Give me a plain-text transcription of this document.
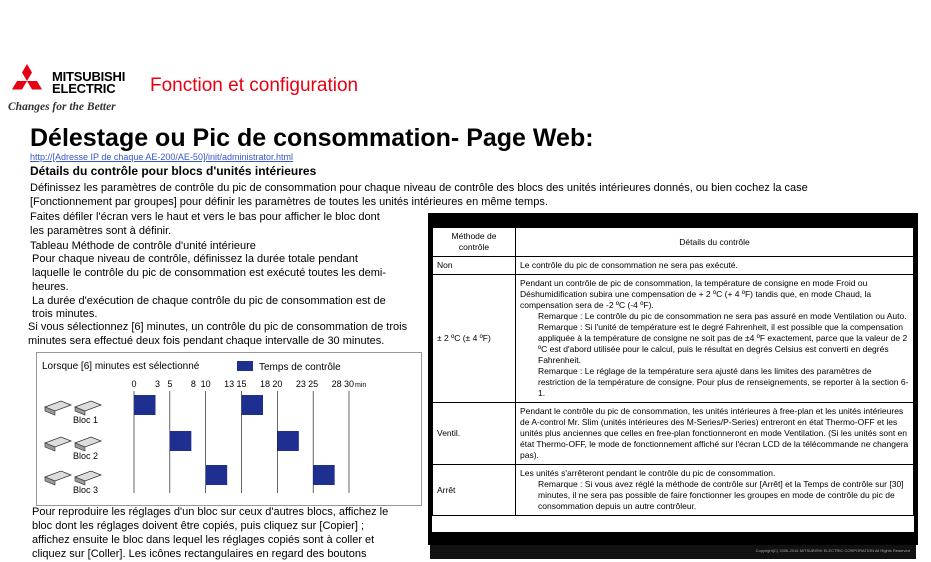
MITSUBISHI
ELECTRIC
Changes for the Better
Fonction et configuration
Délestage ou Pic de consommation- Page Web:
http://[Adresse IP de chaque AE-200/AE-50]/init/administrator.html
Détails du contrôle pour blocs d'unités intérieures
Définissez les paramètres de contrôle du pic de consommation pour chaque niveau de contrôle des blocs des unités intérieures donnés, ou bien cochez la case
[Fonctionnement par groupes] pour définir les paramètres de toutes les unités intérieures en même temps.
Faites défiler l'écran vers le haut et vers le bas pour afficher le bloc dont
les paramètres sont à définir.
Tableau Méthode de contrôle d'unité intérieure
Pour chaque niveau de contrôle, définissez la durée totale pendant
laquelle le contrôle du pic de consommation est exécuté toutes les demi-
heures.
La durée d'exécution de chaque contrôle du pic de consommation est de
trois minutes.
Si vous sélectionnez [6] minutes, un contrôle du pic de consommation de trois
minutes sera effectué deux fois pendant chaque intervalle de 30 minutes.
Lorsque [6] minutes est sélectionné	Temps de contrôle
0 3 5 8 10 13 15 18 20 23 25 28 30 min
Bloc 1
Bloc 2
Bloc 3
Pour reproduire les réglages d'un bloc sur ceux d'autres blocs, affichez le
bloc dont les réglages doivent être copiés, puis cliquez sur [Copier] ;
affichez ensuite le bloc dans lequel les réglages copiés sont à coller et
cliquez sur [Coller]. Les icônes rectangulaires en regard des boutons
Méthode de contrôle	Détails du contrôle
Non	Le contrôle du pic de consommation ne sera pas exécuté.
± 2 ºC (± 4 ºF)	Pendant un contrôle de pic de consommation, la température de consigne en mode Froid ou Déshumidification subira une compensation de + 2 ºC (+ 4 ºF) tandis que, en mode Chaud, la compensation sera de -2 ºC (-4 ºF).
Remarque : Le contrôle du pic de consommation ne sera pas assuré en mode Ventilation ou Auto.
Remarque : Si l'unité de température est le degré Fahrenheit, il est possible que la compensation appliquée à la température de consigne ne soit pas de ±4 ºF exactement, parce que la valeur de 2 ºC est d'abord utilisée pour le calcul, puis le résultat en degrés Celsius est converti en degrés Fahrenheit.
Remarque : Le réglage de la température sera ajusté dans les limites des paramètres de restriction de la température de consigne. Pour plus de renseignements, se reporter à la section 6-1.

Ventil.	Pendant le contrôle du pic de consommation, les unités intérieures à free-plan et les unités intérieures de A-control Mr. Slim (unités intérieures des M-Series/P-Series) entreront en état Thermo-OFF et les unités plus anciennes que celles en free-plan fonctionneront en mode Ventilation. (Si les unités sont en état Thermo-OFF, le mode de fonctionnement affiché sur l'écran LCD de la télécommande ne changera pas).
Arrêt	Les unités s'arrêteront pendant le contrôle du pic de consommation.
Remarque : Si vous avez réglé la méthode de contrôle sur [Arrêt] et la Temps de contrôle sur [30] minutes, il ne sera pas possible de faire fonctionner les groupes en mode de contrôle du pic de consommation depuis un autre contrôleur.
Copyright(C) 2006-2016 MITSUBISHI ELECTRIC CORPORATION All Rights Reserved
